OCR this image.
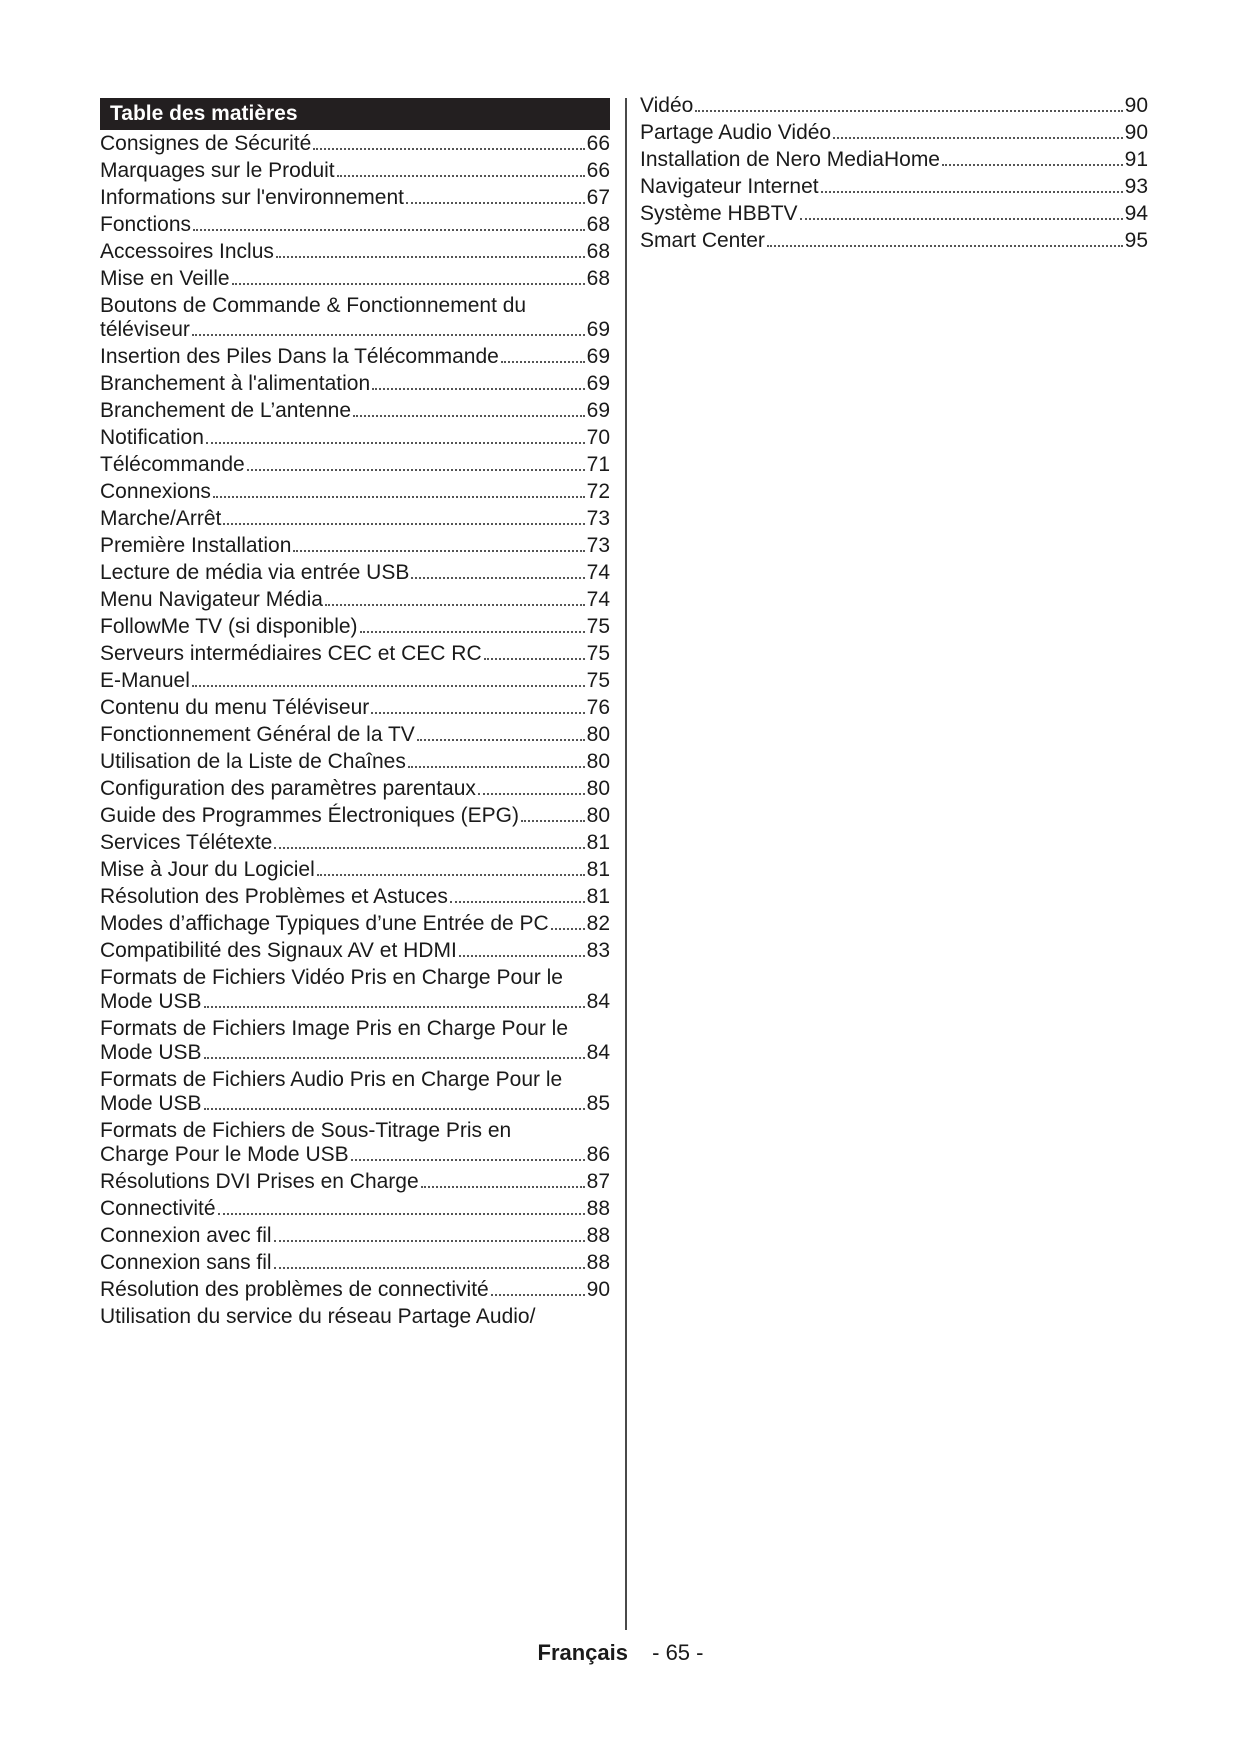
Table des matières
Consignes de Sécurité	66
Marquages sur le Produit	66
Informations sur l'environnement	67
Fonctions	68
Accessoires Inclus	68
Mise en Veille	68
Boutons de Commande & Fonctionnement du
téléviseur	69
Insertion des Piles Dans la Télécommande	69
Branchement à l'alimentation	69
Branchement de L’antenne	69
Notification	70
Télécommande	71
Connexions	72
Marche/Arrêt	73
Première Installation	73
Lecture de média via entrée USB	74
Menu Navigateur Média	74
FollowMe TV (si disponible)	75
Serveurs intermédiaires CEC et CEC RC	75
E-Manuel	75
Contenu du menu Téléviseur	76
Fonctionnement Général de la TV	80
Utilisation de la Liste de Chaînes	80
Configuration des paramètres parentaux	80
Guide des Programmes Électroniques (EPG)	80
Services Télétexte	81
Mise à Jour du Logiciel	81
Résolution des Problèmes et Astuces	81
Modes d’affichage Typiques d’une Entrée de PC 82
Compatibilité des Signaux AV et HDMI	83
Formats de Fichiers Vidéo Pris en Charge Pour le
Mode USB	84
Formats de Fichiers Image Pris en Charge Pour le
Mode USB	84
Formats de Fichiers Audio Pris en Charge Pour le
Mode USB	85
Formats de Fichiers de Sous-Titrage Pris en
Charge Pour le Mode USB	86
Résolutions DVI Prises en Charge	87
Connectivité	88
Connexion avec fil	88
Connexion sans fil	88
Résolution des problèmes de connectivité	90
Utilisation du service du réseau Partage Audio/
Vidéo	90
Partage Audio Vidéo	90
Installation de Nero MediaHome	91
Navigateur Internet	93
Système HBBTV	94
Smart Center	95
Français - 65 -
